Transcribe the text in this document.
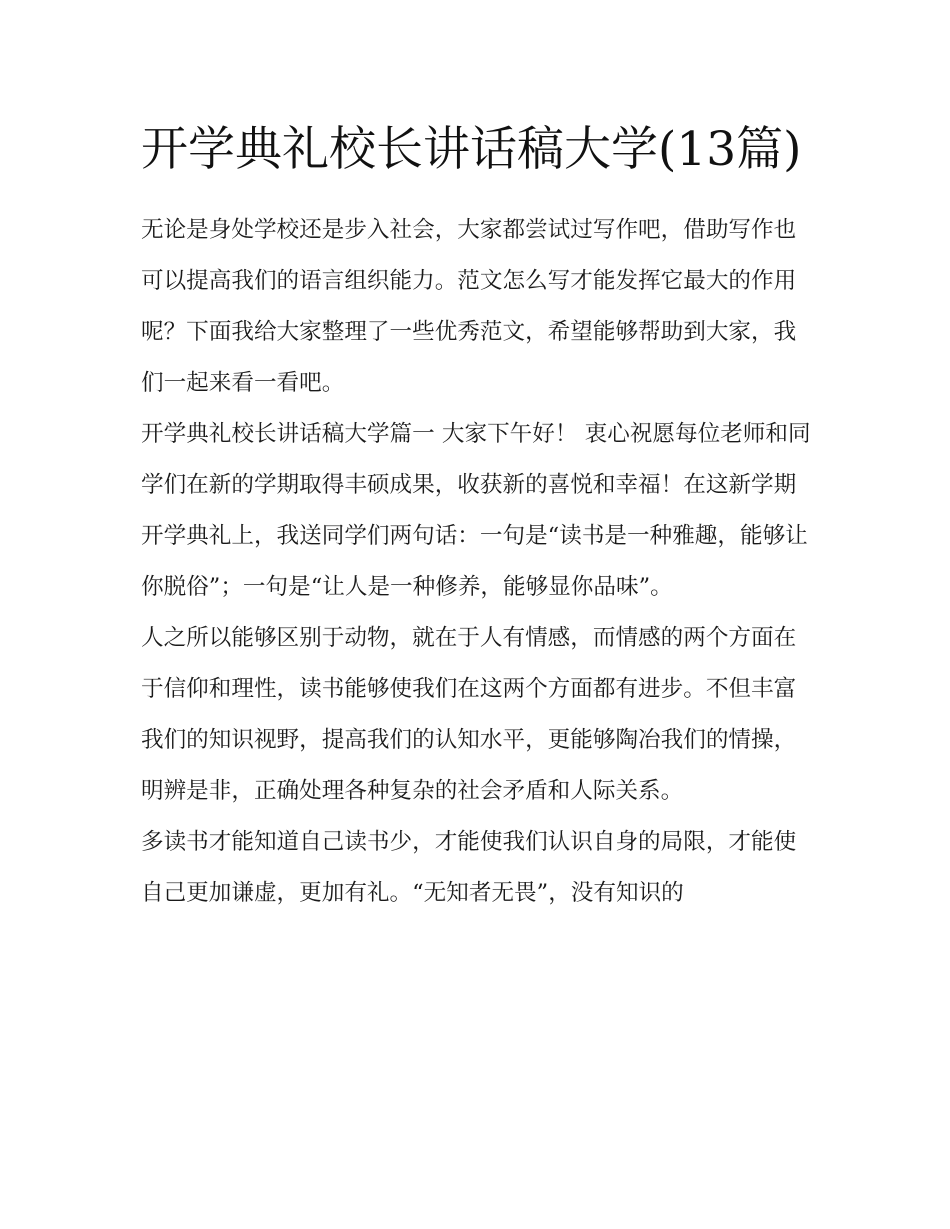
开学典礼校长讲话稿大学(13篇)

无论是身处学校还是步入社会，大家都尝试过写作吧，借助写作也可以提高我们的语言组织能力。范文怎么写才能发挥它最大的作用呢？下面我给大家整理了一些优秀范文，希望能够帮助到大家，我们一起来看一看吧。

开学典礼校长讲话稿大学篇一 大家下午好！ 衷心祝愿每位老师和同学们在新的学期取得丰硕成果，收获新的喜悦和幸福！在这新学期开学典礼上，我送同学们两句话：一句是“读书是一种雅趣，能够让你脱俗”；一句是“让人是一种修养，能够显你品味”。

人之所以能够区别于动物，就在于人有情感，而情感的两个方面在于信仰和理性，读书能够使我们在这两个方面都有进步。不但丰富我们的知识视野，提高我们的认知水平，更能够陶冶我们的情操，明辨是非，正确处理各种复杂的社会矛盾和人际关系。

多读书才能知道自己读书少，才能使我们认识自身的局限，才能使自己更加谦虚，更加有礼。“无知者无畏”，没有知识的
